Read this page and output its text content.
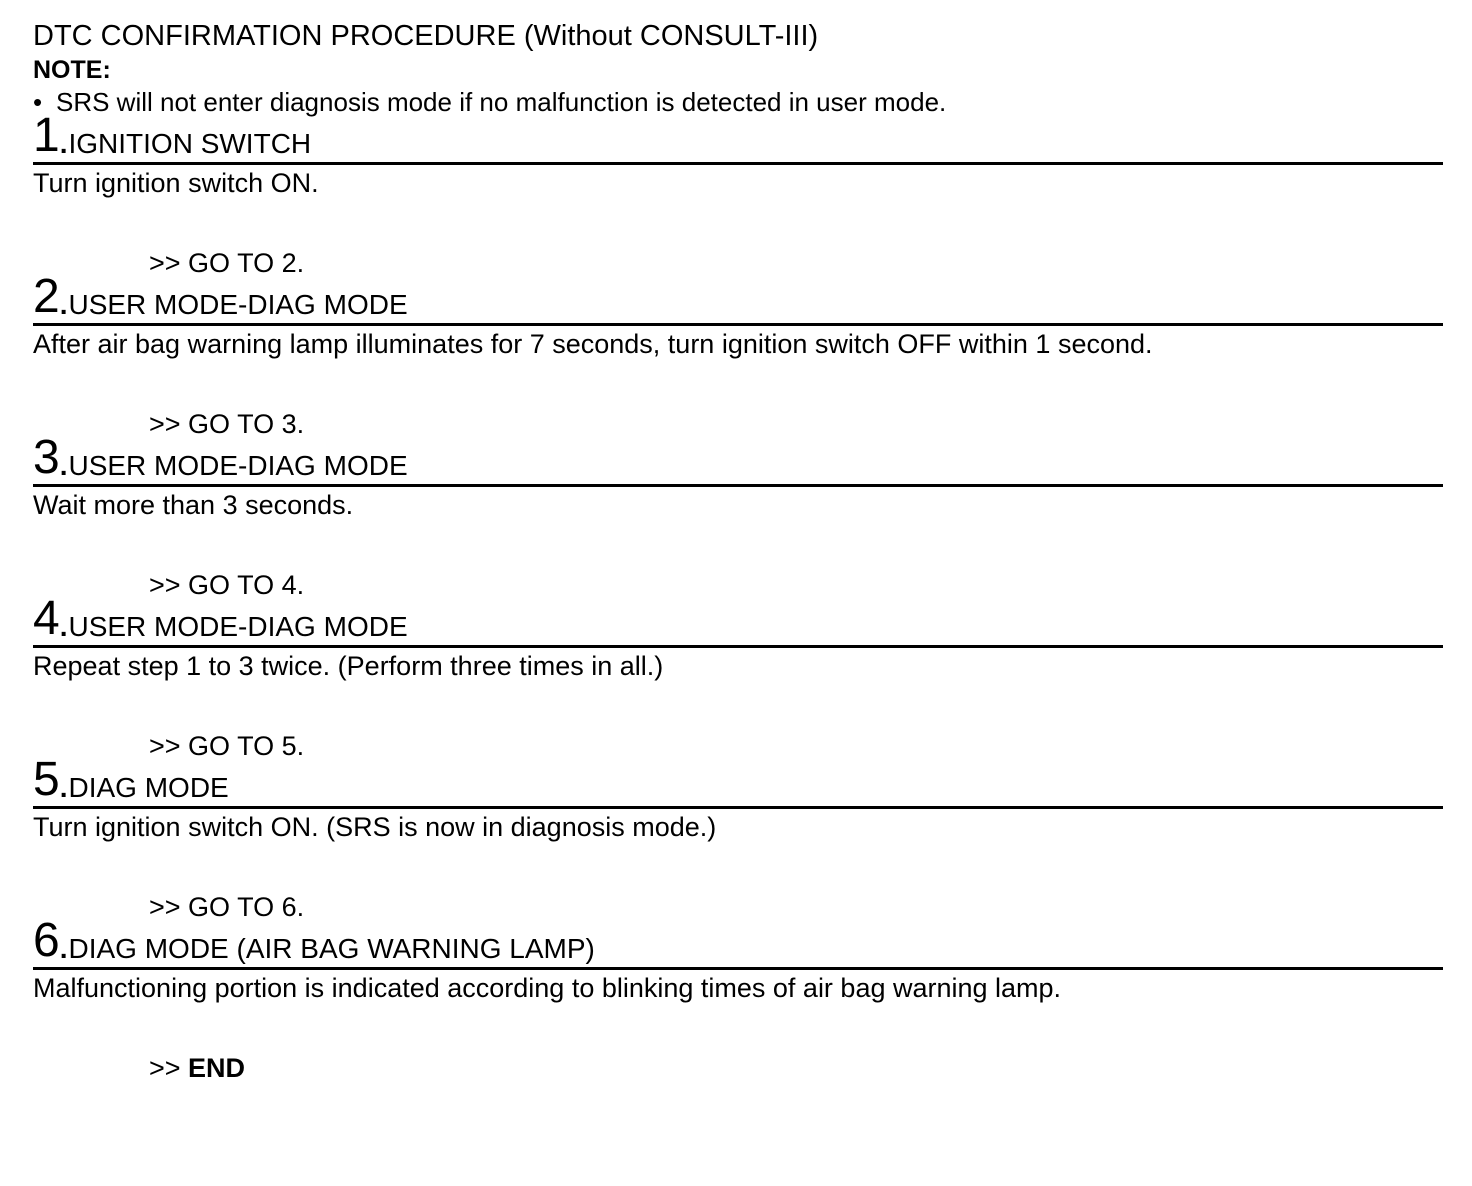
DTC CONFIRMATION PROCEDURE (Without CONSULT-III)

NOTE:

• SRS will not enter diagnosis mode if no malfunction is detected in user mode.

1 . IGNITION SWITCH

Turn ignition switch ON.

>> GO TO 2.

2 . USER MODE-DIAG MODE

After air bag warning lamp illuminates for 7 seconds, turn ignition switch OFF within 1 second.

>> GO TO 3.

3 . USER MODE-DIAG MODE

Wait more than 3 seconds.

>> GO TO 4.

4 . USER MODE-DIAG MODE

Repeat step 1 to 3 twice. (Perform three times in all.)

>> GO TO 5.

5 . DIAG MODE

Turn ignition switch ON. (SRS is now in diagnosis mode.)

>> GO TO 6.

6 . DIAG MODE (AIR BAG WARNING LAMP)

Malfunctioning portion is indicated according to blinking times of air bag warning lamp.

>> END
